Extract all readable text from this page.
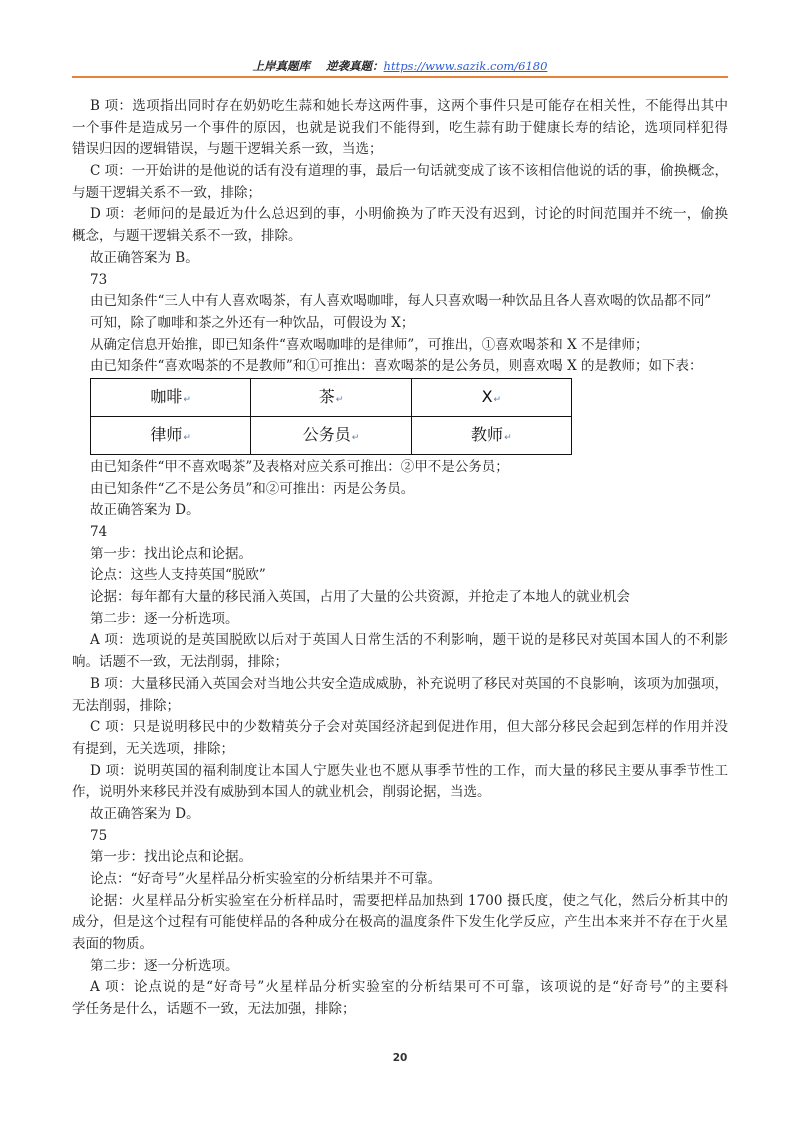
上岸真题库 逆袭真题：https://www.sazik.com/6180
B 项：选项指出同时存在奶奶吃生蒜和她长寿这两件事，这两个事件只是可能存在相关性，不能得出其中
一个事件是造成另一个事件的原因，也就是说我们不能得到，吃生蒜有助于健康长寿的结论，选项同样犯得
错误归因的逻辑错误，与题干逻辑关系一致，当选；
C 项：一开始讲的是他说的话有没有道理的事，最后一句话就变成了该不该相信他说的话的事，偷换概念，
与题干逻辑关系不一致，排除；
D 项：老师问的是最近为什么总迟到的事，小明偷换为了昨天没有迟到，讨论的时间范围并不统一，偷换
概念，与题干逻辑关系不一致，排除。
故正确答案为 B。
73
由已知条件“三人中有人喜欢喝茶，有人喜欢喝咖啡，每人只喜欢喝一种饮品且各人喜欢喝的饮品都不同”
可知，除了咖啡和茶之外还有一种饮品，可假设为 X；
从确定信息开始推，即已知条件“喜欢喝咖啡的是律师”，可推出，①喜欢喝茶和 X 不是律师；
由已知条件“喜欢喝茶的不是教师”和①可推出：喜欢喝茶的是公务员，则喜欢喝 X 的是教师；如下表：
咖啡↵	茶↵	X↵
律师↵	公务员↵	教师↵
由已知条件“甲不喜欢喝茶”及表格对应关系可推出：②甲不是公务员；
由已知条件“乙不是公务员”和②可推出：丙是公务员。
故正确答案为 D。
74
第一步：找出论点和论据。
论点：这些人支持英国“脱欧”
论据：每年都有大量的移民涌入英国，占用了大量的公共资源，并抢走了本地人的就业机会
第二步：逐一分析选项。
A 项：选项说的是英国脱欧以后对于英国人日常生活的不利影响，题干说的是移民对英国本国人的不利影
响。话题不一致，无法削弱，排除；
B 项：大量移民涌入英国会对当地公共安全造成威胁，补充说明了移民对英国的不良影响，该项为加强项，
无法削弱，排除；
C 项：只是说明移民中的少数精英分子会对英国经济起到促进作用，但大部分移民会起到怎样的作用并没
有提到，无关选项，排除；
D 项：说明英国的福利制度让本国人宁愿失业也不愿从事季节性的工作，而大量的移民主要从事季节性工
作，说明外来移民并没有威胁到本国人的就业机会，削弱论据，当选。
故正确答案为 D。
75
第一步：找出论点和论据。
论点：“好奇号”火星样品分析实验室的分析结果并不可靠。
论据：火星样品分析实验室在分析样品时，需要把样品加热到 1700 摄氏度，使之气化，然后分析其中的
成分，但是这个过程有可能使样品的各种成分在极高的温度条件下发生化学反应，产生出本来并不存在于火星
表面的物质。
第二步：逐一分析选项。
A 项：论点说的是“好奇号”火星样品分析实验室的分析结果可不可靠，该项说的是“好奇号”的主要科
学任务是什么，话题不一致，无法加强，排除；
20
